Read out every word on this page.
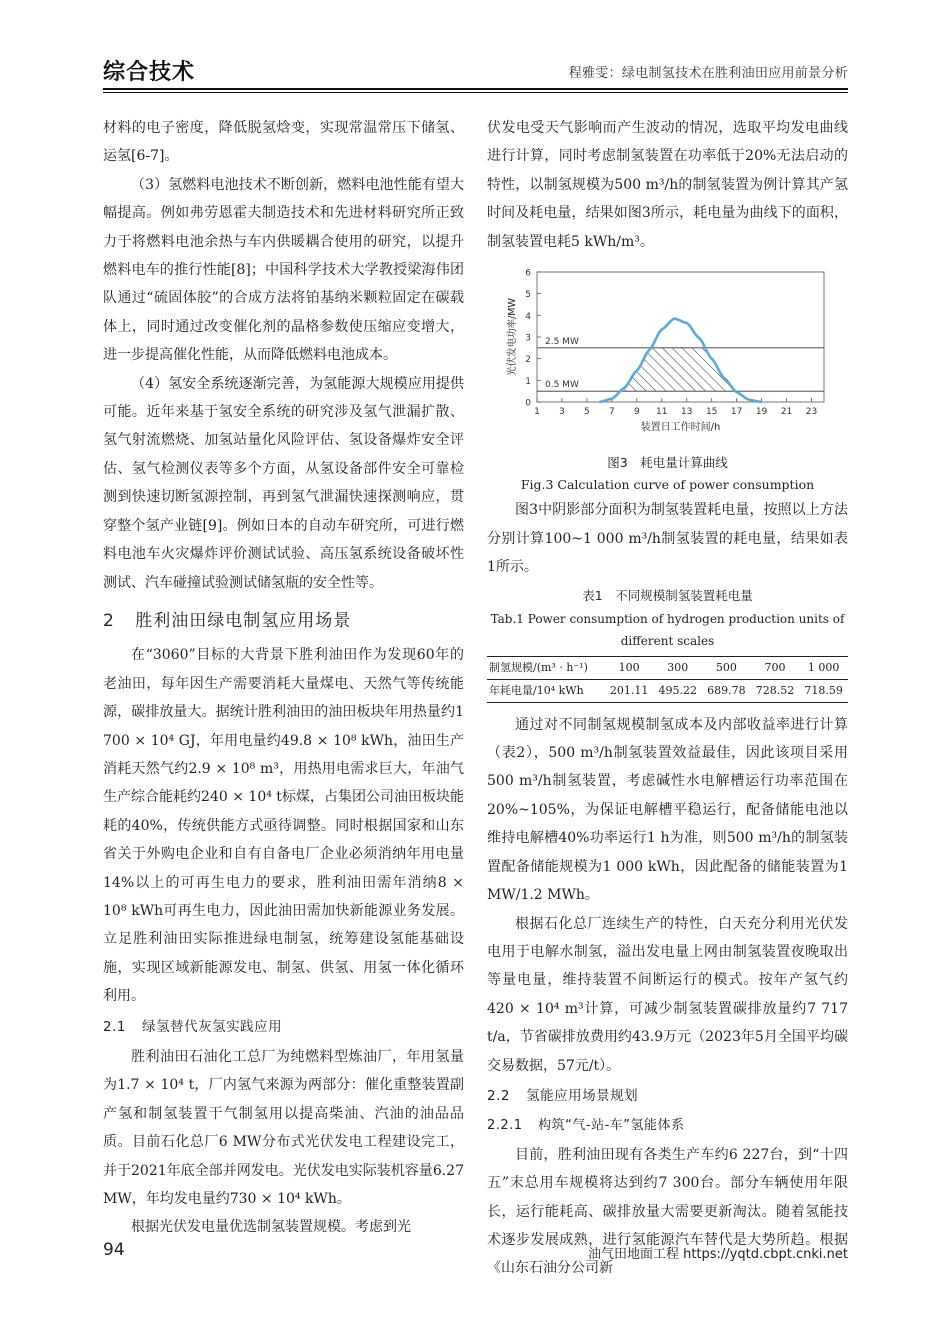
综合技术	程雅雯：绿电制氢技术在胜利油田应用前景分析

材料的电子密度，降低脱氢焓变，实现常温常压下储氢、运氢[6-7]。

（3）氢燃料电池技术不断创新，燃料电池性能有望大幅提高。例如弗劳恩霍夫制造技术和先进材料研究所正致力于将燃料电池余热与车内供暖耦合使用的研究，以提升燃料电车的推行性能[8]；中国科学技术大学教授梁海伟团队通过“硫固体胶”的合成方法将铂基纳米颗粒固定在碳载体上，同时通过改变催化剂的晶格参数使压缩应变增大，进一步提高催化性能，从而降低燃料电池成本。

（4）氢安全系统逐渐完善，为氢能源大规模应用提供可能。近年来基于氢安全系统的研究涉及氢气泄漏扩散、氢气射流燃烧、加氢站量化风险评估、氢设备爆炸安全评估、氢气检测仪表等多个方面，从氢设备部件安全可靠检测到快速切断氢源控制，再到氢气泄漏快速探测响应，贯穿整个氢产业链[9]。例如日本的自动车研究所，可进行燃料电池车火灾爆炸评价测试试验、高压氢系统设备破坏性测试、汽车碰撞试验测试储氢瓶的安全性等。

2 胜利油田绿电制氢应用场景

在“3060”目标的大背景下胜利油田作为发现60年的老油田，每年因生产需要消耗大量煤电、天然气等传统能源，碳排放量大。据统计胜利油田的油田板块年用热量约1 700 × 10⁴ GJ，年用电量约49.8 × 10⁸ kWh，油田生产消耗天然气约2.9 × 10⁸ m³，用热用电需求巨大，年油气生产综合能耗约240 × 10⁴ t标煤，占集团公司油田板块能耗的40%，传统供能方式亟待调整。同时根据国家和山东省关于外购电企业和自有自备电厂企业必须消纳年用电量14%以上的可再生电力的要求，胜利油田需年消纳8 × 10⁸ kWh可再生电力，因此油田需加快新能源业务发展。立足胜利油田实际推进绿电制氢，统筹建设氢能基础设施，实现区域新能源发电、制氢、供氢、用氢一体化循环利用。

2.1 绿氢替代灰氢实践应用

胜利油田石油化工总厂为纯燃料型炼油厂，年用氢量为1.7 × 10⁴ t，厂内氢气来源为两部分：催化重整装置副产氢和制氢装置干气制氢用以提高柴油、汽油的油品品质。目前石化总厂6 MW分布式光伏发电工程建设完工，并于2021年底全部并网发电。光伏发电实际装机容量6.27 MW，年均发电量约730 × 10⁴ kWh。

根据光伏发电量优选制氢装置规模。考虑到光

伏发电受天气影响而产生波动的情况，选取平均发电曲线进行计算，同时考虑制氢装置在功率低于20%无法启动的特性，以制氢规模为500 m³/h的制氢装置为例计算其产氢时间及耗电量，结果如图3所示，耗电量为曲线下的面积，制氢装置电耗5 kWh/m³。

0
1
2
3
4
5
6
1 3 5 7 9 11 13 15 17 19 21 23
装置日工作时间/h
光伏发电功率/MW	2.5 MW
0.5 MW
图3　耗电量计算曲线
Fig.3 Calculation curve of power consumption

图3中阴影部分面积为制氢装置耗电量，按照以上方法分别计算100~1 000 m³/h制氢装置的耗电量，结果如表1所示。

表1　不同规模制氢装置耗电量
Tab.1 Power consumption of hydrogen production units of
different scales
制氢规模/(m³ · h⁻¹)	100	300	500	700	1 000
年耗电量/10⁴ kWh	201.11	495.22	689.78	728.52	718.59

通过对不同制氢规模制氢成本及内部收益率进行计算（表2），500 m³/h制氢装置效益最佳，因此该项目采用500 m³/h制氢装置，考虑碱性水电解槽运行功率范围在20%~105%，为保证电解槽平稳运行，配备储能电池以维持电解槽40%功率运行1 h为准，则500 m³/h的制氢装置配备储能规模为1 000 kWh，因此配备的储能装置为1 MW/1.2 MWh。

根据石化总厂连续生产的特性，白天充分利用光伏发电用于电解水制氢，溢出发电量上网由制氢装置夜晚取出等量电量，维持装置不间断运行的模式。按年产氢气约420 × 10⁴ m³计算，可减少制氢装置碳排放量约7 717 t/a，节省碳排放费用约43.9万元（2023年5月全国平均碳交易数据，57元/t）。

2.2 氢能应用场景规划
2.2.1 构筑“气-站-车”氢能体系

目前，胜利油田现有各类生产车约6 227台，到“十四五”末总用车规模将达到约7 300台。部分车辆使用年限长，运行能耗高、碳排放量大需要更新淘汰。随着氢能技术逐步发展成熟，进行氢能源汽车替代是大势所趋。根据《山东石油分公司新

94	油气田地面工程 https://yqtd.cbpt.cnki.net
